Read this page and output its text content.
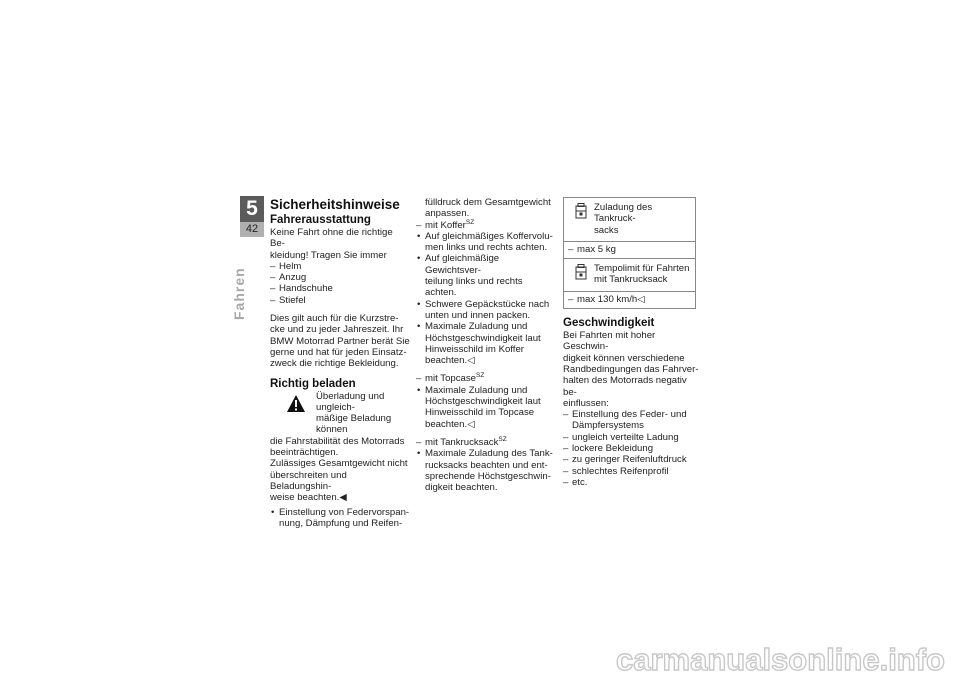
5
42
Fahren
Sicherheitshinweise
Fahrerausstattung

Keine Fahrt ohne die richtige Be-

kleidung! Tragen Sie immer

– Helm
– Anzug
– Handschuhe
– Stiefel

Dies gilt auch für die Kurzstre-

cke und zu jeder Jahreszeit. Ihr

BMW Motorrad Partner berät Sie

gerne und hat für jeden Einsatz-

zweck die richtige Bekleidung.

Richtig beladen

Überladung und ungleich-

mäßige Beladung können

die Fahrstabilität des Motorrads

beeinträchtigen.

Zulässiges Gesamtgewicht nicht

überschreiten und Beladungshin-

weise beachten.◀

• Einstellung von Federvorspan-

nung, Dämpfung und Reifen-

fülldruck dem Gesamtgewicht

anpassen.

– mit Koffer$^{SZ}$
• Auf gleichmäßiges Koffervolu-
men links und rechts achten.
• Auf gleichmäßige Gewichtsver-
teilung links und rechts achten.
• Schwere Gepäckstücke nach
unten und innen packen.
• Maximale Zuladung und
Höchstgeschwindigkeit laut
Hinweisschild im Koffer
beachten.◁
– mit Topcase$^{SZ}$
• Maximale Zuladung und
Höchstgeschwindigkeit laut
Hinweisschild im Topcase
beachten.◁
– mit Tankrucksack$^{SZ}$
• Maximale Zuladung des Tank-
rucksacks beachten und ent-
sprechende Höchstgeschwin-
digkeit beachten.

Zuladung des Tankruck-

sacks

– max 5 kg

Tempolimit für Fahrten

mit Tankrucksack

– max 130 km/h◁
Geschwindigkeit

Bei Fahrten mit hoher Geschwin-

digkeit können verschiedene

Randbedingungen das Fahrver-

halten des Motorrads negativ be-

einflussen:

– Einstellung des Feder- und
Dämpfersystems
– ungleich verteilte Ladung
– lockere Bekleidung
– zu geringer Reifenluftdruck
– schlechtes Reifenprofil
– etc.
carmanualsonline.info
